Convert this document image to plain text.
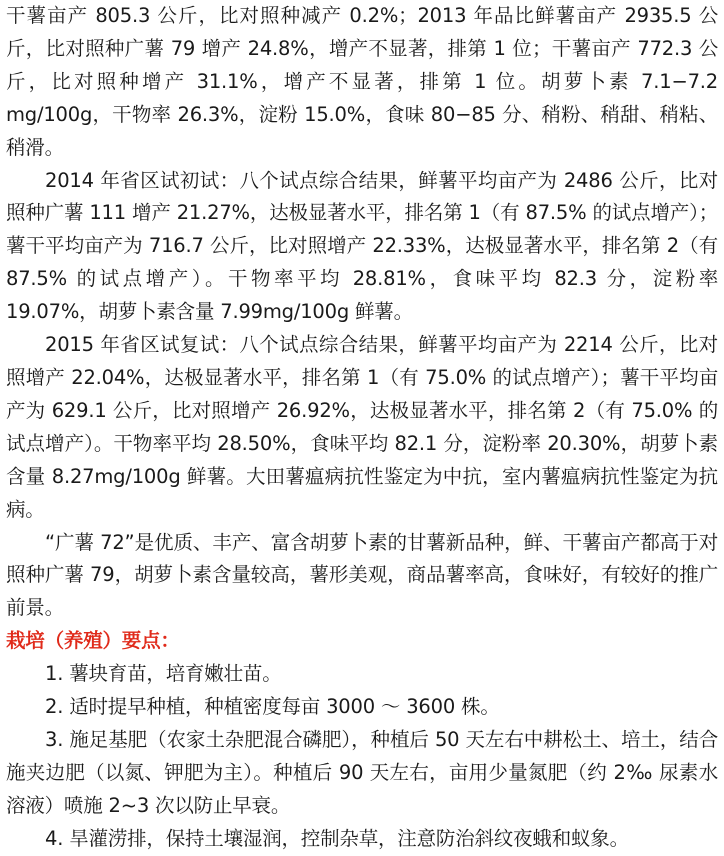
干薯亩产 805.3 公斤，比对照种减产 0.2%；2013 年品比鲜薯亩产 2935.5 公斤，比对照种广薯 79 增产 24.8%，增产不显著，排第 1 位；干薯亩产 772.3 公斤，比对照种增产 31.1%，增产不显著，排第 1 位。胡萝卜素 7.1−7.2 mg/100g，干物率 26.3%，淀粉 15.0%，食味 80−85 分、稍粉、稍甜、稍粘、稍滑。

2014 年省区试初试：八个试点综合结果，鲜薯平均亩产为 2486 公斤，比对照种广薯 111 增产 21.27%，达极显著水平，排名第 1（有 87.5% 的试点增产）；薯干平均亩产为 716.7 公斤，比对照增产 22.33%，达极显著水平，排名第 2（有 87.5% 的试点增产）。干物率平均 28.81%，食味平均 82.3 分，淀粉率 19.07%，胡萝卜素含量 7.99mg/100g 鲜薯。

2015 年省区试复试：八个试点综合结果，鲜薯平均亩产为 2214 公斤，比对照增产 22.04%，达极显著水平，排名第 1（有 75.0% 的试点增产）；薯干平均亩产为 629.1 公斤，比对照增产 26.92%，达极显著水平，排名第 2（有 75.0% 的试点增产）。干物率平均 28.50%，食味平均 82.1 分，淀粉率 20.30%，胡萝卜素含量 8.27mg/100g 鲜薯。大田薯瘟病抗性鉴定为中抗，室内薯瘟病抗性鉴定为抗病。

“广薯 72”是优质、丰产、富含胡萝卜素的甘薯新品种，鲜、干薯亩产都高于对照种广薯 79，胡萝卜素含量较高，薯形美观，商品薯率高，食味好，有较好的推广前景。

栽培（养殖）要点：

1. 薯块育苗，培育嫩壮苗。

2. 适时提早种植，种植密度每亩 3000 ～ 3600 株。

3. 施足基肥（农家土杂肥混合磷肥），种植后 50 天左右中耕松土、培土，结合施夹边肥（以氮、钾肥为主）。种植后 90 天左右，亩用少量氮肥（约 2‰ 尿素水溶液）喷施 2~3 次以防止早衰。

4. 旱灌涝排，保持土壤湿润，控制杂草，注意防治斜纹夜蛾和蚁象。
